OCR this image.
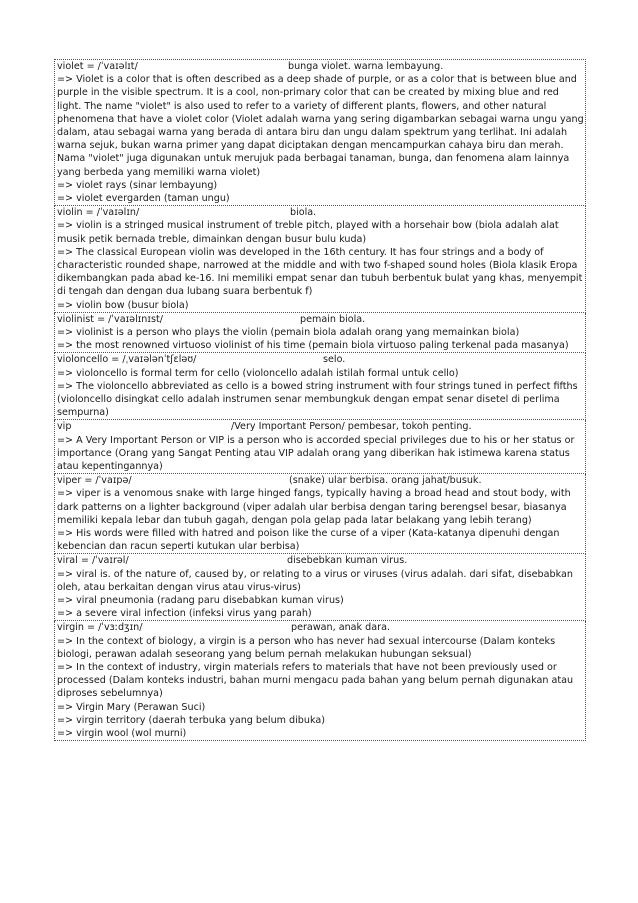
violet = /ˈvaɪəlɪt/	bunga violet. warna lembayung.
=> Violet is a color that is often described as a deep shade of purple, or as a color that is between blue and purple in the visible spectrum. It is a cool, non-primary color that can be created by mixing blue and red light. The name "violet" is also used to refer to a variety of different plants, flowers, and other natural phenomena that have a violet color (Violet adalah warna yang sering digambarkan sebagai warna ungu yang dalam, atau sebagai warna yang berada di antara biru dan ungu dalam spektrum yang terlihat. Ini adalah warna sejuk, bukan warna primer yang dapat diciptakan dengan mencampurkan cahaya biru dan merah. Nama "violet" juga digunakan untuk merujuk pada berbagai tanaman, bunga, dan fenomena alam lainnya yang berbeda yang memiliki warna violet)
=> violet rays (sinar lembayung)
=> violet evergarden (taman ungu)
violin = /ˈvaɪəlɪn/	biola.
=> violin is a stringed musical instrument of treble pitch, played with a horsehair bow (biola adalah alat musik petik bernada treble, dimainkan dengan busur bulu kuda)
=> The classical European violin was developed in the 16th century. It has four strings and a body of characteristic rounded shape, narrowed at the middle and with two f-shaped sound holes (Biola klasik Eropa dikembangkan pada abad ke-16. Ini memiliki empat senar dan tubuh berbentuk bulat yang khas, menyempit di tengah dan dengan dua lubang suara berbentuk f)
=> violin bow (busur biola)
violinist = /ˈvaɪəlɪnɪst/	pemain biola.
=> violinist is a person who plays the violin (pemain biola adalah orang yang memainkan biola)
=> the most renowned virtuoso violinist of his time (pemain biola virtuoso paling terkenal pada masanya)
violoncello = /ˌvaɪələnˈtʃɛləʊ/	selo.
=> violoncello is formal term for cello (violoncello adalah istilah formal untuk cello)
=> The violoncello abbreviated as cello is a bowed string instrument with four strings tuned in perfect fifths (violoncello disingkat cello adalah instrumen senar membungkuk dengan empat senar disetel di perlima sempurna)
vip	/Very Important Person/ pembesar, tokoh penting.
=> A Very Important Person or VIP is a person who is accorded special privileges due to his or her status or importance (Orang yang Sangat Penting atau VIP adalah orang yang diberikan hak istimewa karena status atau kepentingannya)
viper = /ˈvaɪpə/	(snakе) ular berbisa. orang jahat/busuk.
=> viper is a venomous snake with large hinged fangs, typically having a broad head and stout body, with dark patterns on a lighter background (viper adalah ular berbisa dengan taring berengsel besar, biasanya memiliki kepala lebar dan tubuh gagah, dengan pola gelap pada latar belakang yang lebih terang)
=> His words were filled with hatred and poison like the curse of a viper (Kata-katanya dipenuhi dengan kebencian dan racun seperti kutukan ular berbisa)
viral = /ˈvaɪrəl/	disebebkan kuman virus.
=> viral is. of the nature of, caused by, or relating to a virus or viruses (virus adalah. dari sifat, disebabkan oleh, atau berkaitan dengan virus atau virus-virus)
=> viral pneumonia (radang paru disebabkan kuman virus)
=> a severe viral infection (infeksi virus yang parah)
virgin = /ˈvɜːdʒɪn/	perawan, anak dara.
=> In the context of biology, a virgin is a person who has never had sexual intercourse (Dalam konteks biologi, perawan adalah seseorang yang belum pernah melakukan hubungan seksual)
=> In the context of industry, virgin materials refers to materials that have not been previously used or processed (Dalam konteks industri, bahan murni mengacu pada bahan yang belum pernah digunakan atau diproses sebelumnya)
=> Virgin Mary (Perawan Suci)
=> virgin territory (daerah terbuka yang belum dibuka)
=> virgin wool (wol murni)
